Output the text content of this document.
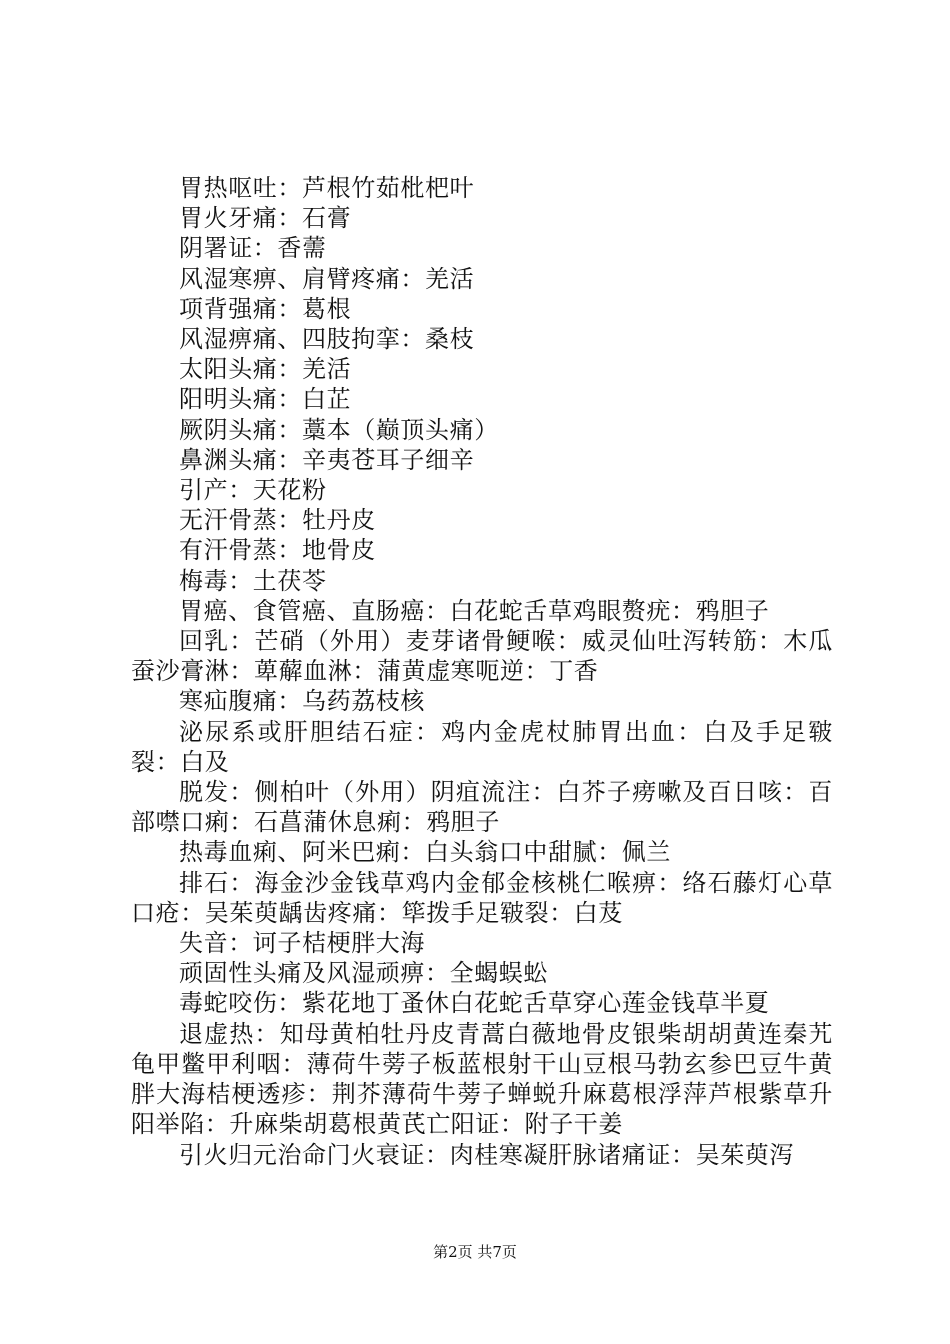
胃热呕吐：芦根竹茹枇杷叶

胃火牙痛：石膏

阴署证：香薷

风湿寒痹、肩臂疼痛：羌活

项背强痛：葛根

风湿痹痛、四肢拘挛：桑枝

太阳头痛：羌活

阳明头痛：白芷

厥阴头痛：藁本（巅顶头痛）

鼻渊头痛：辛夷苍耳子细辛

引产：天花粉

无汗骨蒸：牡丹皮

有汗骨蒸：地骨皮

梅毒：土茯苓

胃癌、食管癌、直肠癌：白花蛇舌草鸡眼赘疣：鸦胆子

回乳：芒硝（外用）麦芽诸骨鲠喉：威灵仙吐泻转筋：木瓜蚕沙膏淋：萆薢血淋：蒲黄虚寒呃逆：丁香

寒疝腹痛：乌药荔枝核

泌尿系或肝胆结石症：鸡内金虎杖肺胃出血：白及手足皲裂：白及

脱发：侧柏叶（外用）阴疽流注：白芥子痨嗽及百日咳：百部噤口痢：石菖蒲休息痢：鸦胆子

热毒血痢、阿米巴痢：白头翁口中甜腻：佩兰

排石：海金沙金钱草鸡内金郁金核桃仁喉痹：络石藤灯心草口疮：吴茱萸龋齿疼痛：筚拨手足皲裂：白芨

失音：诃子桔梗胖大海

顽固性头痛及风湿顽痹：全蝎蜈蚣

毒蛇咬伤：紫花地丁蚤休白花蛇舌草穿心莲金钱草半夏

退虚热：知母黄柏牡丹皮青蒿白薇地骨皮银柴胡胡黄连秦艽龟甲鳖甲利咽：薄荷牛蒡子板蓝根射干山豆根马勃玄参巴豆牛黄胖大海桔梗透疹：荆芥薄荷牛蒡子蝉蜕升麻葛根浮萍芦根紫草升阳举陷：升麻柴胡葛根黄芪亡阳证：附子干姜

引火归元治命门火衰证：肉桂寒凝肝脉诸痛证：吴茱萸泻

第2页 共7页
